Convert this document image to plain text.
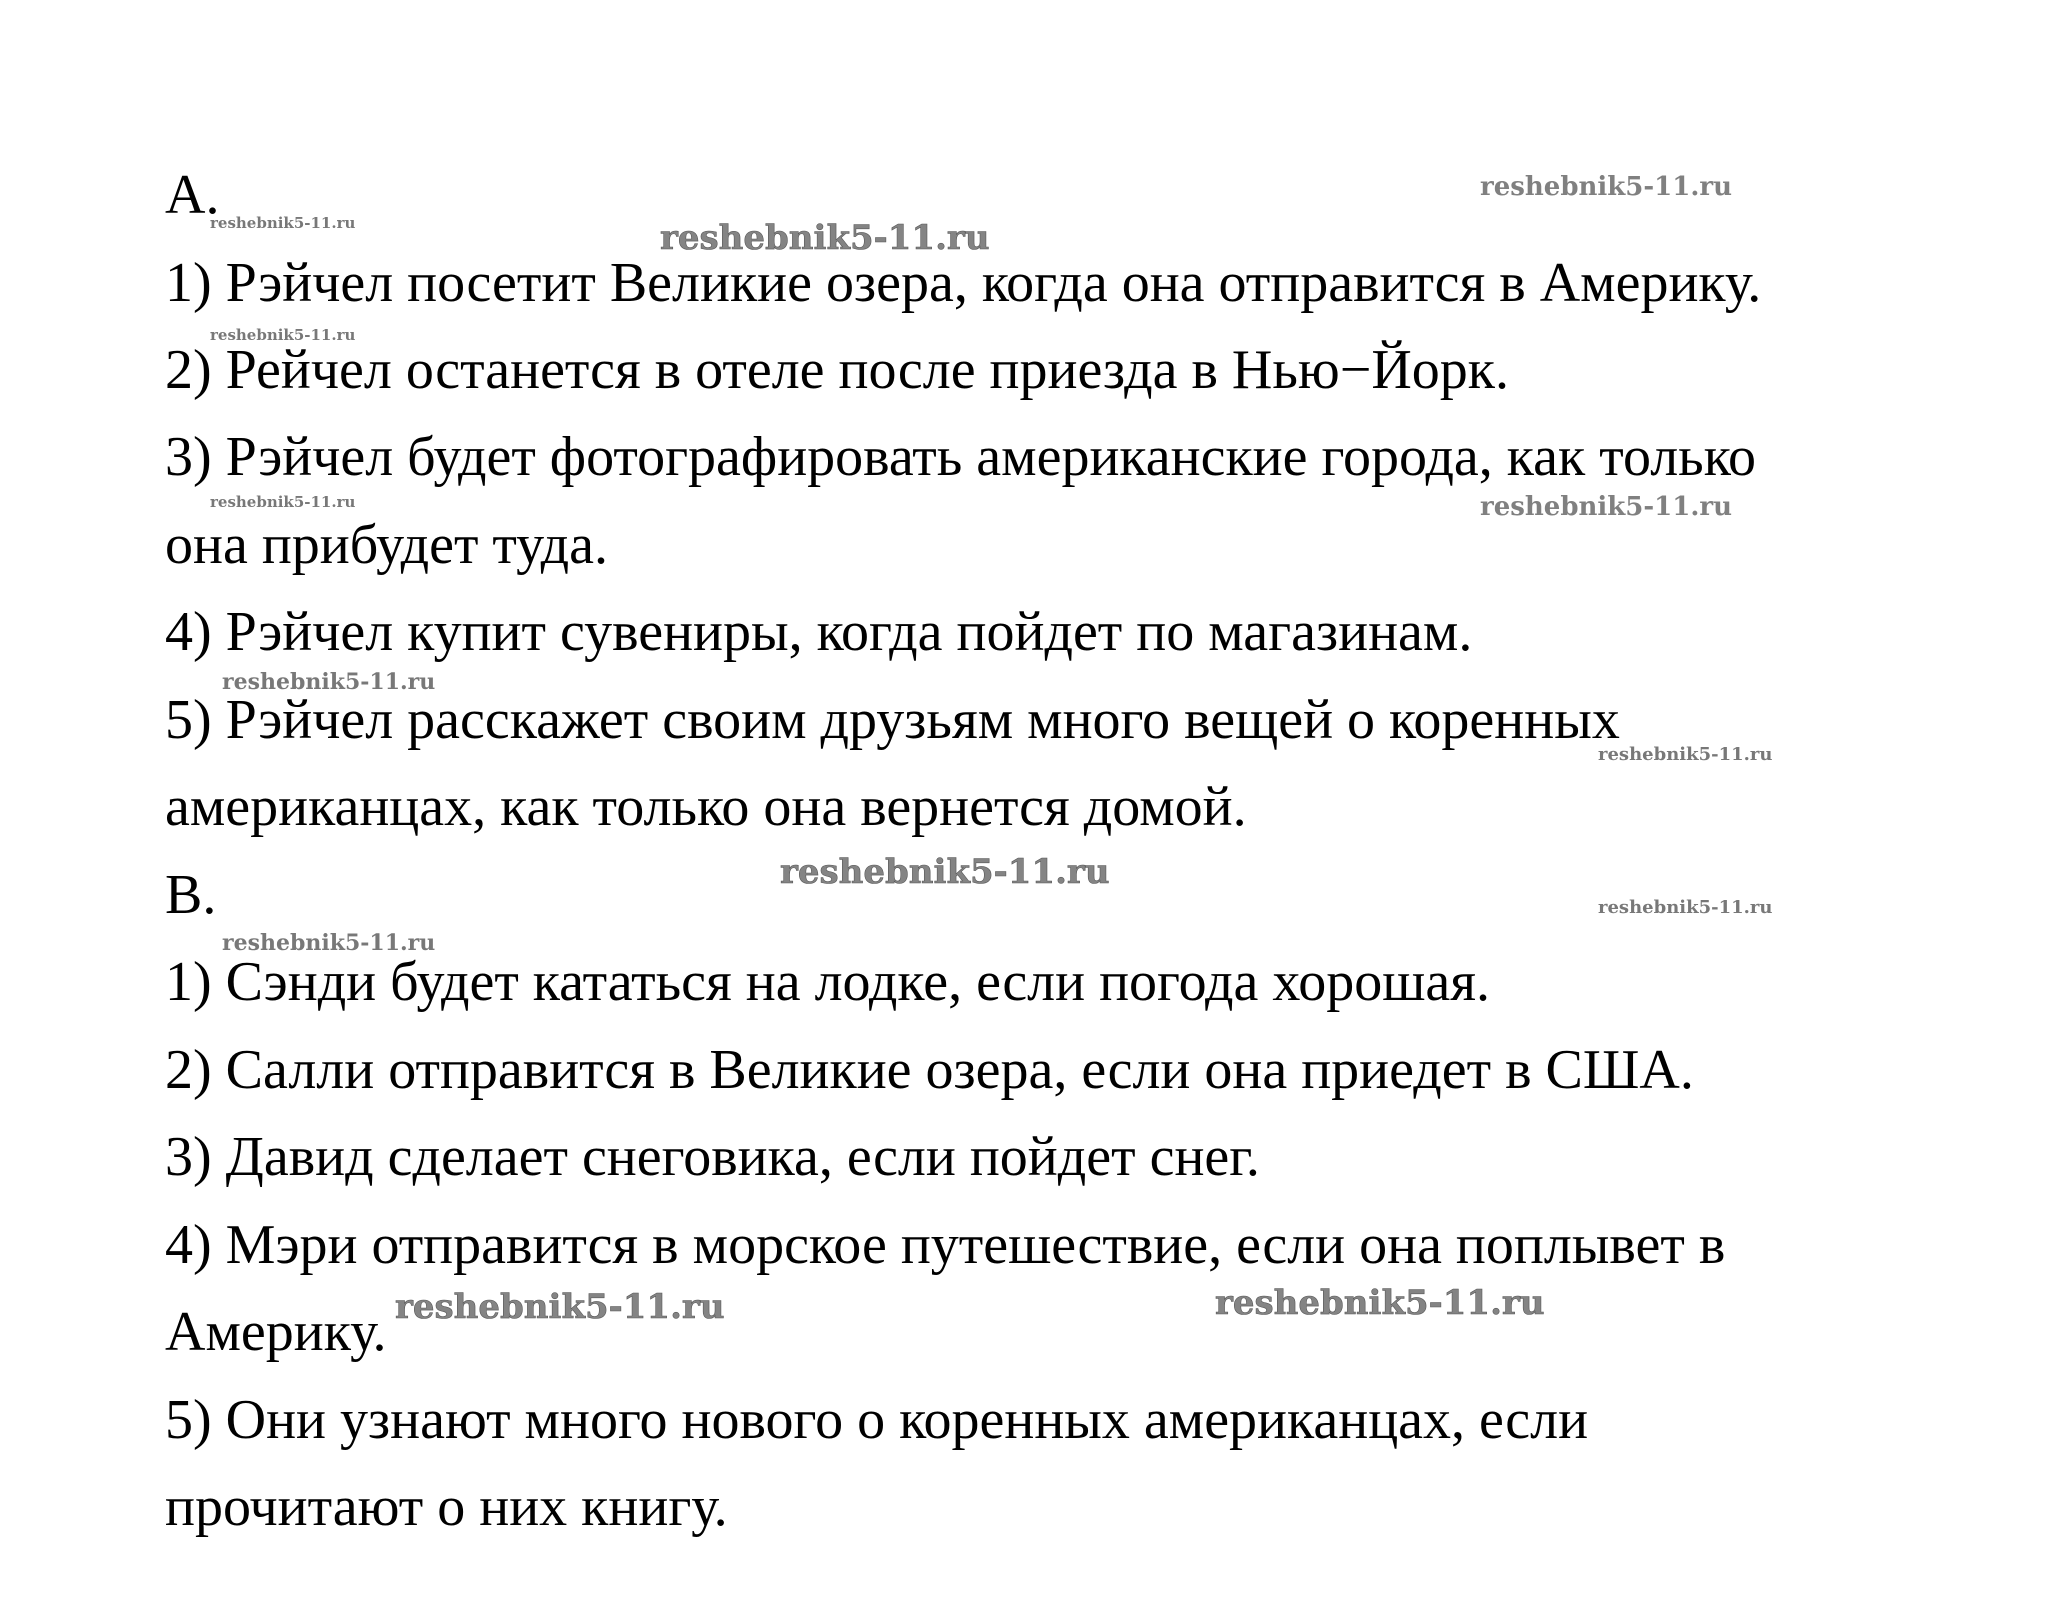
A.
1) Рэйчел посетит Великие озера, когда она отправится в Америку.
2) Рейчел останется в отеле после приезда в Нью−Йорк.
3) Рэйчел будет фотографировать американские города, как только
она прибудет туда.
4) Рэйчел купит сувениры, когда пойдет по магазинам.
5) Рэйчел расскажет своим друзьям много вещей о коренных
американцах, как только она вернется домой.
B.
1) Сэнди будет кататься на лодке, если погода хорошая.
2) Салли отправится в Великие озера, если она приедет в США.
3) Давид сделает снеговика, если пойдет снег.
4) Мэри отправится в морское путешествие, если она поплывет в
Америку.
5) Они узнают много нового о коренных американцах, если
прочитают о них книгу.
reshebnik5-11.ru
reshebnik5-11.ru	reshebnik5-11.ru
reshebnik5-11.ru
reshebnik5-11.ru	reshebnik5-11.ru
reshebnik5-11.ru
reshebnik5-11.ru
reshebnik5-11.ru
reshebnik5-11.ru
reshebnik5-11.ru
reshebnik5-11.ru	reshebnik5-11.ru
